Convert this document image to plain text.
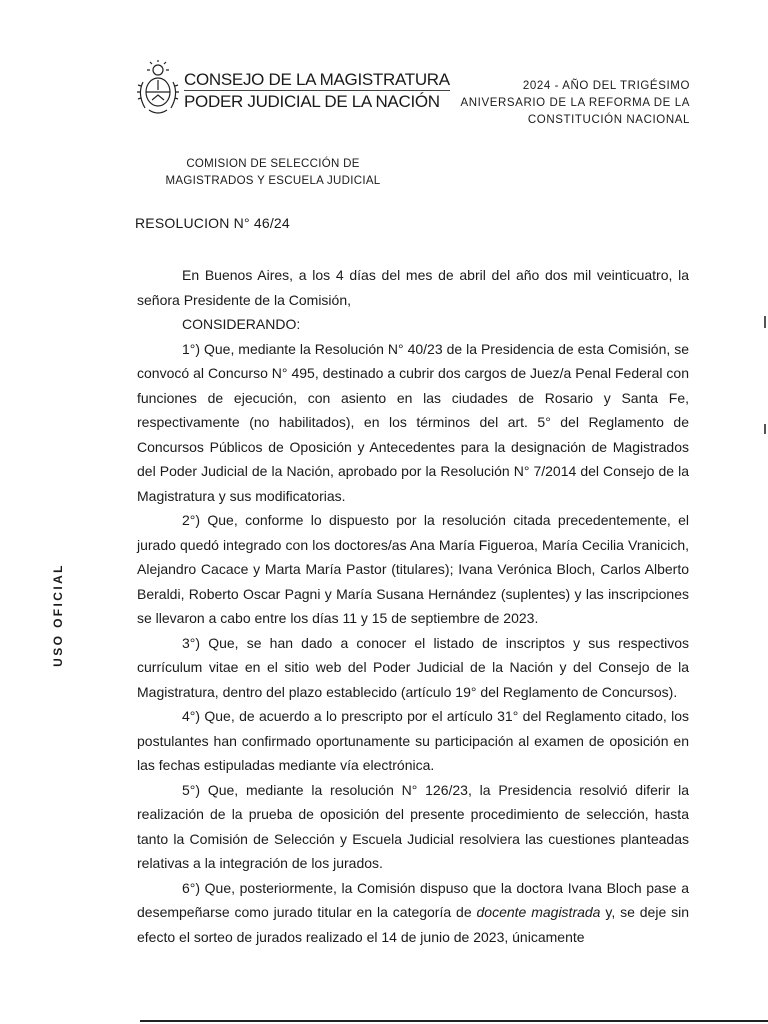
CONSEJO DE LA MAGISTRATURA
PODER JUDICIAL DE LA NACIÓN
2024 - AÑO DEL TRIGÉSIMO
ANIVERSARIO DE LA REFORMA DE LA
CONSTITUCIÓN NACIONAL
COMISION DE SELECCIÓN DE
MAGISTRADOS Y ESCUELA JUDICIAL
RESOLUCION N° 46/24
USO OFICIAL

En Buenos Aires, a los 4 días del mes de abril del año dos mil veinticuatro, la señora Presidente de la Comisión,

CONSIDERANDO:

1°) Que, mediante la Resolución N° 40/23 de la Presidencia de esta Comisión, se convocó al Concurso N° 495, destinado a cubrir dos cargos de Juez/a Penal Federal con funciones de ejecución, con asiento en las ciudades de Rosario y Santa Fe, respectivamente (no habilitados), en los términos del art. 5° del Reglamento de Concursos Públicos de Oposición y Antecedentes para la designación de Magistrados del Poder Judicial de la Nación, aprobado por la Resolución N° 7/2014 del Consejo de la Magistratura y sus modificatorias.

2°) Que, conforme lo dispuesto por la resolución citada precedentemente, el jurado quedó integrado con los doctores/as Ana María Figueroa, María Cecilia Vranicich, Alejandro Cacace y Marta María Pastor (titulares); Ivana Verónica Bloch, Carlos Alberto Beraldi, Roberto Oscar Pagni y María Susana Hernández (suplentes) y las inscripciones se llevaron a cabo entre los días 11 y 15 de septiembre de 2023.

3°) Que, se han dado a conocer el listado de inscriptos y sus respectivos currículum vitae en el sitio web del Poder Judicial de la Nación y del Consejo de la Magistratura, dentro del plazo establecido (artículo 19° del Reglamento de Concursos).

4°) Que, de acuerdo a lo prescripto por el artículo 31° del Reglamento citado, los postulantes han confirmado oportunamente su participación al examen de oposición en las fechas estipuladas mediante vía electrónica.

5°) Que, mediante la resolución N° 126/23, la Presidencia resolvió diferir la realización de la prueba de oposición del presente procedimiento de selección, hasta tanto la Comisión de Selección y Escuela Judicial resolviera las cuestiones planteadas relativas a la integración de los jurados.

6°) Que, posteriormente, la Comisión dispuso que la doctora Ivana Bloch pase a desempeñarse como jurado titular en la categoría de docente magistrada y, se deje sin efecto el sorteo de jurados realizado el 14 de junio de 2023, únicamente
